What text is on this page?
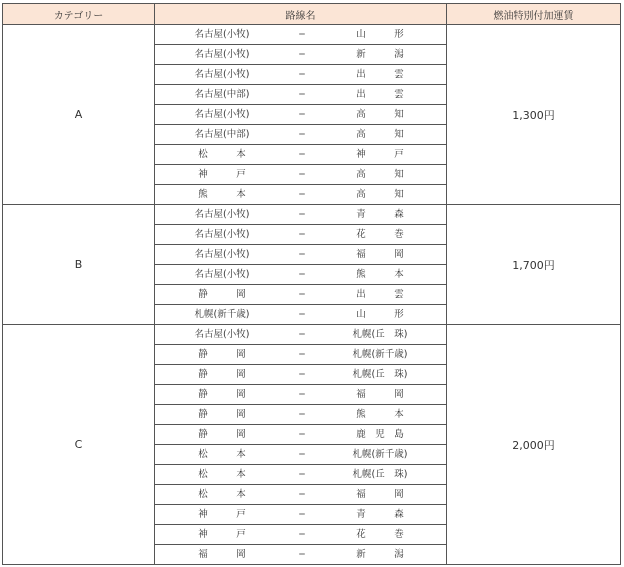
カテゴリー	路線名	燃油特別付加運賃
A	名古屋(小牧) ＝ 山　　　形	1,300円

	名古屋(小牧) ＝ 新　　　潟	

	名古屋(小牧) ＝ 出　　　雲	

	名古屋(中部) ＝ 出　　　雲	

	名古屋(小牧) ＝ 高　　　知	

	名古屋(中部) ＝ 高　　　知	

	松　　　本 ＝ 神　　　戸	

	神　　　戸 ＝ 高　　　知	

	熊　　　本 ＝ 高　　　知	

B	名古屋(小牧) ＝ 青　　　森	1,700円

	名古屋(小牧) ＝ 花　　　巻	

	名古屋(小牧) ＝ 福　　　岡	

	名古屋(小牧) ＝ 熊　　　本	

	静　　　岡 ＝ 出　　　雲	

	札幌(新千歳) ＝ 山　　　形	

C	名古屋(小牧) ＝ 札幌(丘　珠)	2,000円

	静　　　岡 ＝ 札幌(新千歳)	

	静　　　岡 ＝ 札幌(丘　珠)	

	静　　　岡 ＝ 福　　　岡	

	静　　　岡 ＝ 熊　　　本	

	静　　　岡 ＝ 鹿　児　島	

	松　　　本 ＝ 札幌(新千歳)	

	松　　　本 ＝ 札幌(丘　珠)	

	松　　　本 ＝ 福　　　岡	

	神　　　戸 ＝ 青　　　森	

	神　　　戸 ＝ 花　　　巻	

	福　　　岡 ＝ 新　　　潟	
